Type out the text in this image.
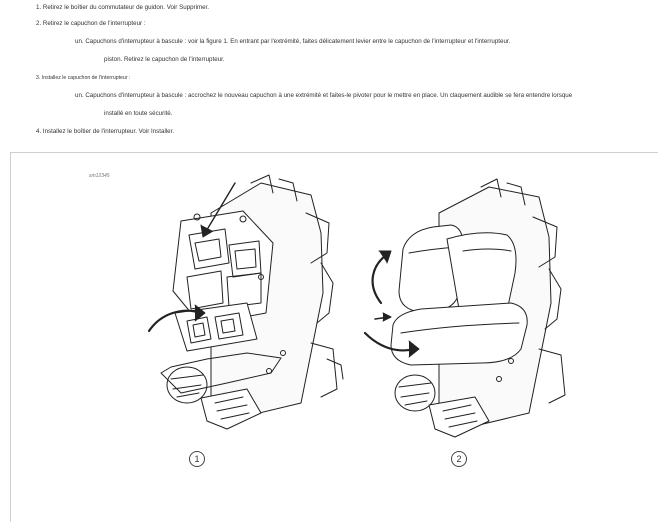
1. Retirez le boîtier du commutateur de guidon. Voir Supprimer.
2. Retirez le capuchon de l'interrupteur :
un. Capuchons d'interrupteur à bascule : voir la figure 1. En entrant par l'extrémité, faites délicatement levier entre le capuchon de l'interrupteur et l'interrupteur.
piston. Retirez le capuchon de l'interrupteur.
3. Installez le capuchon de l'interrupteur :
un. Capuchons d'interrupteur à bascule : accrochez le nouveau capuchon à une extrémité et faites-le pivoter pour le mettre en place. Un claquement audible se fera entendre lorsque
installé en toute sécurité.
4. Installez le boîtier de l'interrupteur. Voir Installer.
sm12345
1	2
